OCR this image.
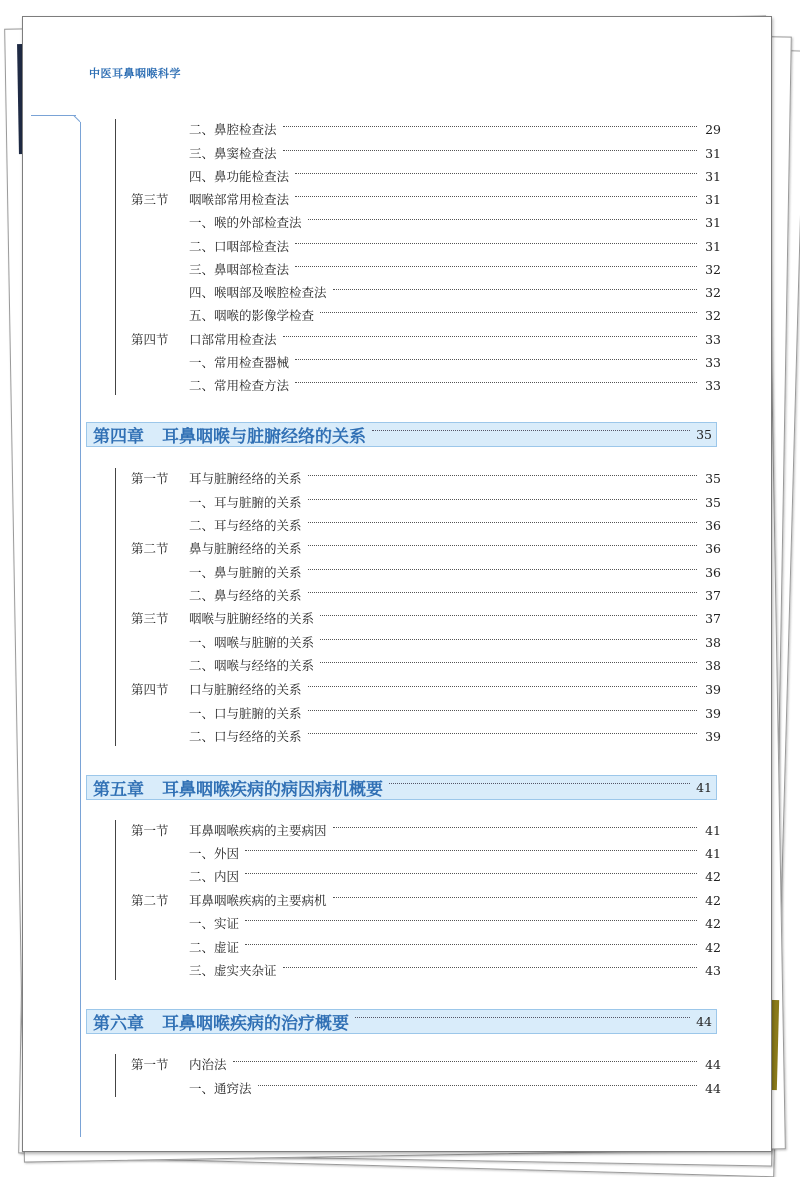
中医耳鼻咽喉科学
二、鼻腔检查法	29
三、鼻窦检查法	31
四、鼻功能检查法	31
第三节	咽喉部常用检查法	31
一、喉的外部检查法	31
二、口咽部检查法	31
三、鼻咽部检查法	32
四、喉咽部及喉腔检查法	32
五、咽喉的影像学检查	32
第四节	口部常用检查法	33
一、常用检查器械	33
二、常用检查方法	33
第四章 耳鼻咽喉与脏腑经络的关系	35
第一节	耳与脏腑经络的关系	35
一、耳与脏腑的关系	35
二、耳与经络的关系	36
第二节	鼻与脏腑经络的关系	36
一、鼻与脏腑的关系	36
二、鼻与经络的关系	37
第三节	咽喉与脏腑经络的关系	37
一、咽喉与脏腑的关系	38
二、咽喉与经络的关系	38
第四节	口与脏腑经络的关系	39
一、口与脏腑的关系	39
二、口与经络的关系	39
第五章 耳鼻咽喉疾病的病因病机概要	41
第一节	耳鼻咽喉疾病的主要病因	41
一、外因	41
二、内因	42
第二节	耳鼻咽喉疾病的主要病机	42
一、实证	42
二、虚证	42
三、虚实夹杂证	43
第六章 耳鼻咽喉疾病的治疗概要	44
第一节	内治法	44
一、通窍法	44
